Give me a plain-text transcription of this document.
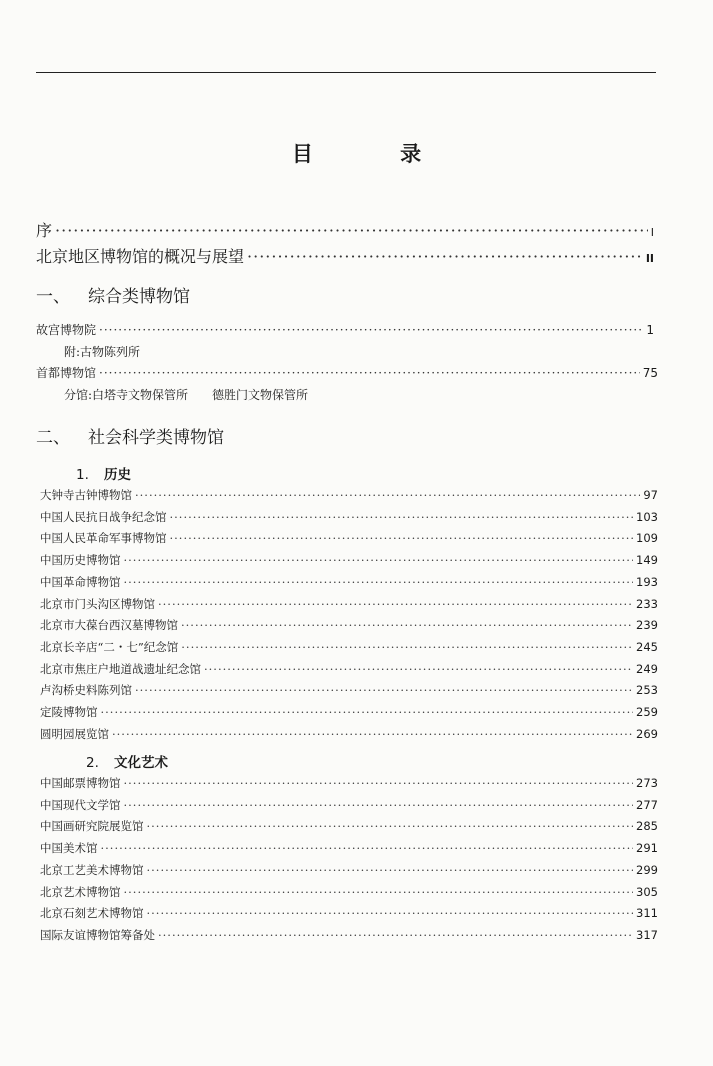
目 录
序 ·····	I
北京地区博物馆的概况与展望 ·····	II
一、 综合类博物馆
故宫博物院 ·····	1
附:古物陈列所
首都博物馆 ·····	75
分馆:白塔寺文物保管所 德胜门文物保管所
二、 社会科学类博物馆
1. 历史
大钟寺古钟博物馆 ·····	97
中国人民抗日战争纪念馆 ·····	103
中国人民革命军事博物馆 ·····	109
中国历史博物馆 ·····	149
中国革命博物馆 ·····	193
北京市门头沟区博物馆 ·····	233
北京市大葆台西汉墓博物馆 ·····	239
北京长辛店“二・七”纪念馆 ·····	245
北京市焦庄户地道战遗址纪念馆 ·····	249
卢沟桥史料陈列馆 ·····	253
定陵博物馆 ·····	259
圆明园展览馆 ·····	269
2. 文化艺术
中国邮票博物馆 ·····	273
中国现代文学馆 ·····	277
中国画研究院展览馆 ·····	285
中国美术馆 ·····	291
北京工艺美术博物馆 ·····	299
北京艺术博物馆 ·····	305
北京石刻艺术博物馆 ·····	311
国际友谊博物馆筹备处 ·····	317
